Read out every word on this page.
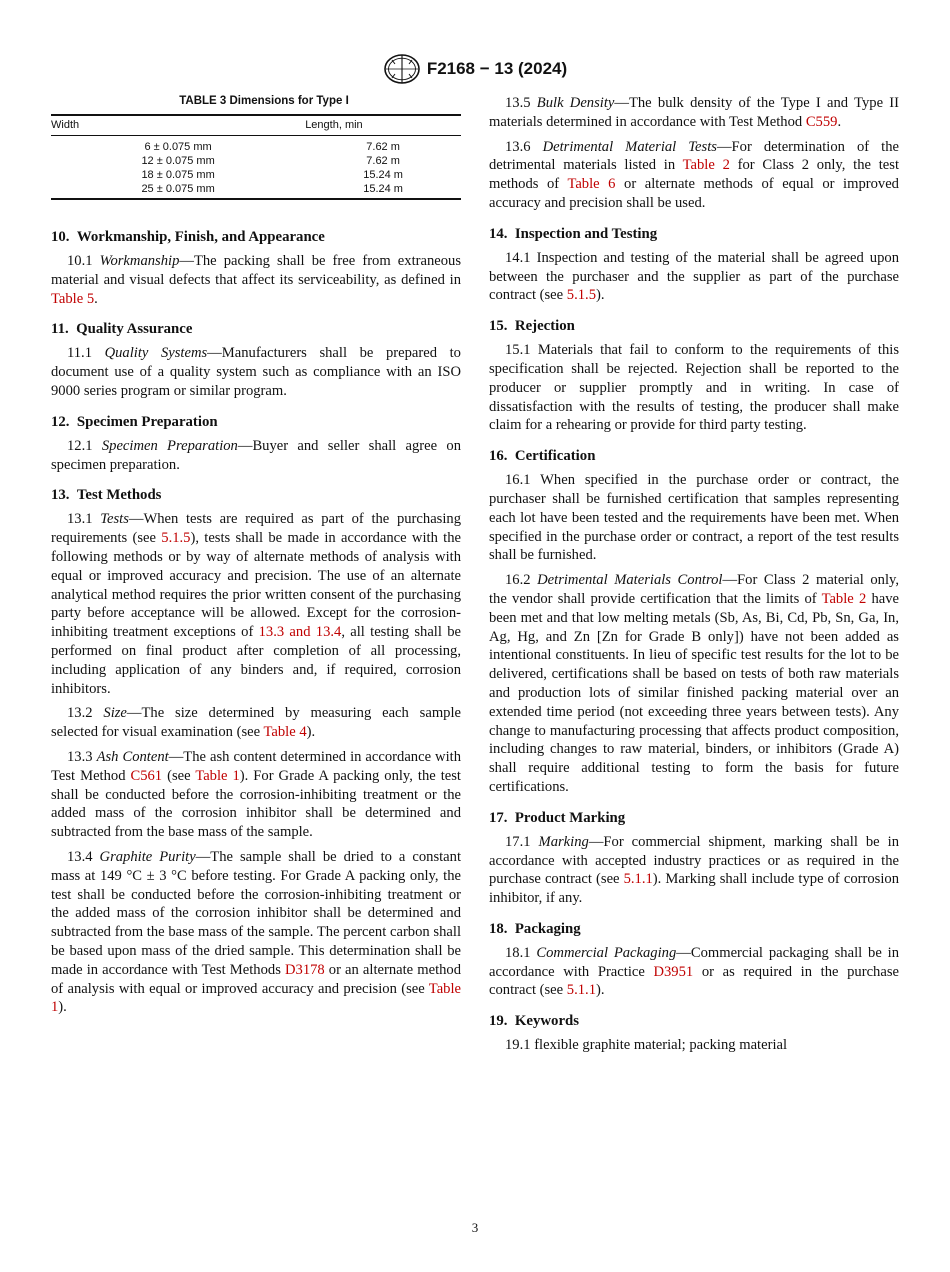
F2168 − 13 (2024)

TABLE 3 Dimensions for Type I

Width	Length, min
6 ± 0.075 mm	7.62 m
12 ± 0.075 mm	7.62 m
18 ± 0.075 mm	15.24 m
25 ± 0.075 mm	15.24 m
10. Workmanship, Finish, and Appearance

10.1 Workmanship—The packing shall be free from extraneous material and visual defects that affect its serviceability, as defined in Table 5.

11. Quality Assurance

11.1 Quality Systems—Manufacturers shall be prepared to document use of a quality system such as compliance with an ISO 9000 series program or similar program.

12. Specimen Preparation

12.1 Specimen Preparation—Buyer and seller shall agree on specimen preparation.

13. Test Methods

13.1 Tests—When tests are required as part of the purchasing requirements (see 5.1.5), tests shall be made in accordance with the following methods or by way of alternate methods of analysis with equal or improved accuracy and precision. The use of an alternate analytical method requires the prior written consent of the purchasing party before acceptance will be allowed. Except for the corrosion-inhibiting treatment exceptions of 13.3 and 13.4, all testing shall be performed on final product after completion of all processing, including application of any binders and, if required, corrosion inhibitors.

13.2 Size—The size determined by measuring each sample selected for visual examination (see Table 4).

13.3 Ash Content—The ash content determined in accordance with Test Method C561 (see Table 1). For Grade A packing only, the test shall be conducted before the corrosion-inhibiting treatment or the added mass of the corrosion inhibitor shall be determined and subtracted from the base mass of the sample.

13.4 Graphite Purity—The sample shall be dried to a constant mass at 149 °C ± 3 °C before testing. For Grade A packing only, the test shall be conducted before the corrosion-inhibiting treatment or the added mass of the corrosion inhibitor shall be determined and subtracted from the base mass of the sample. The percent carbon shall be based upon mass of the dried sample. This determination shall be made in accordance with Test Methods D3178 or an alternate method of analysis with equal or improved accuracy and precision (see Table 1).

13.5 Bulk Density—The bulk density of the Type I and Type II materials determined in accordance with Test Method C559.

13.6 Detrimental Material Tests—For determination of the detrimental materials listed in Table 2 for Class 2 only, the test methods of Table 6 or alternate methods of equal or improved accuracy and precision shall be used.

14. Inspection and Testing

14.1 Inspection and testing of the material shall be agreed upon between the purchaser and the supplier as part of the purchase contract (see 5.1.5).

15. Rejection

15.1 Materials that fail to conform to the requirements of this specification shall be rejected. Rejection shall be reported to the producer or supplier promptly and in writing. In case of dissatisfaction with the results of testing, the producer shall make claim for a rehearing or provide for third party testing.

16. Certification

16.1 When specified in the purchase order or contract, the purchaser shall be furnished certification that samples representing each lot have been tested and the requirements have been met. When specified in the purchase order or contract, a report of the test results shall be furnished.

16.2 Detrimental Materials Control—For Class 2 material only, the vendor shall provide certification that the limits of Table 2 have been met and that low melting metals (Sb, As, Bi, Cd, Pb, Sn, Ga, In, Ag, Hg, and Zn [Zn for Grade B only]) have not been added as intentional constituents. In lieu of specific test results for the lot to be delivered, certifications shall be based on tests of both raw materials and production lots of similar finished packing material over an extended time period (not exceeding three years between tests). Any change to manufacturing processing that affects product composition, including changes to raw material, binders, or inhibitors (Grade A) shall require additional testing to form the basis for future certifications.

17. Product Marking

17.1 Marking—For commercial shipment, marking shall be in accordance with accepted industry practices or as required in the purchase contract (see 5.1.1). Marking shall include type of corrosion inhibitor, if any.

18. Packaging

18.1 Commercial Packaging—Commercial packaging shall be in accordance with Practice D3951 or as required in the purchase contract (see 5.1.1).

19. Keywords

19.1 flexible graphite material; packing material

3
